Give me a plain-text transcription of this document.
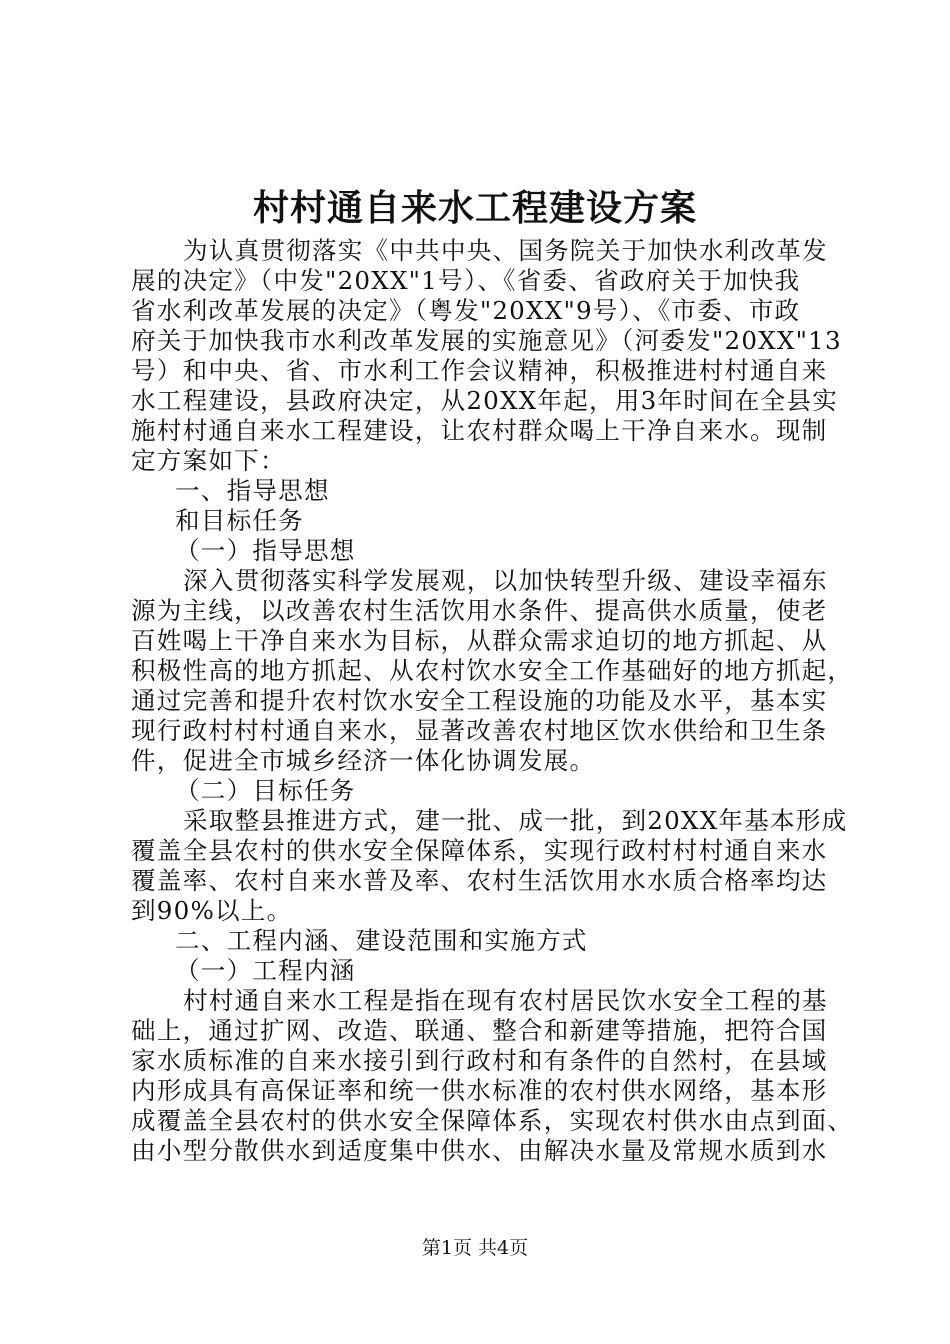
村村通自来水工程建设方案
为认真贯彻落实《中共中央、国务院关于加快水利改革发
展的决定》（中发"20XX"1号）、《省委、省政府关于加快我
省水利改革发展的决定》（粤发"20XX"9号）、《市委、市政
府关于加快我市水利改革发展的实施意见》（河委发"20XX"13
号）和中央、省、市水利工作会议精神，积极推进村村通自来
水工程建设，县政府决定，从20XX年起，用3年时间在全县实
施村村通自来水工程建设，让农村群众喝上干净自来水。现制
定方案如下：
一、指导思想
和目标任务
（一）指导思想
深入贯彻落实科学发展观，以加快转型升级、建设幸福东
源为主线，以改善农村生活饮用水条件、提高供水质量，使老
百姓喝上干净自来水为目标，从群众需求迫切的地方抓起、从
积极性高的地方抓起、从农村饮水安全工作基础好的地方抓起，
通过完善和提升农村饮水安全工程设施的功能及水平，基本实
现行政村村村通自来水，显著改善农村地区饮水供给和卫生条
件，促进全市城乡经济一体化协调发展。
（二）目标任务
采取整县推进方式，建一批、成一批，到20XX年基本形成
覆盖全县农村的供水安全保障体系，实现行政村村村通自来水
覆盖率、农村自来水普及率、农村生活饮用水水质合格率均达
到90%以上。
二、工程内涵、建设范围和实施方式
（一）工程内涵
村村通自来水工程是指在现有农村居民饮水安全工程的基
础上，通过扩网、改造、联通、整合和新建等措施，把符合国
家水质标准的自来水接引到行政村和有条件的自然村，在县域
内形成具有高保证率和统一供水标准的农村供水网络，基本形
成覆盖全县农村的供水安全保障体系，实现农村供水由点到面、
由小型分散供水到适度集中供水、由解决水量及常规水质到水
第1页 共4页
